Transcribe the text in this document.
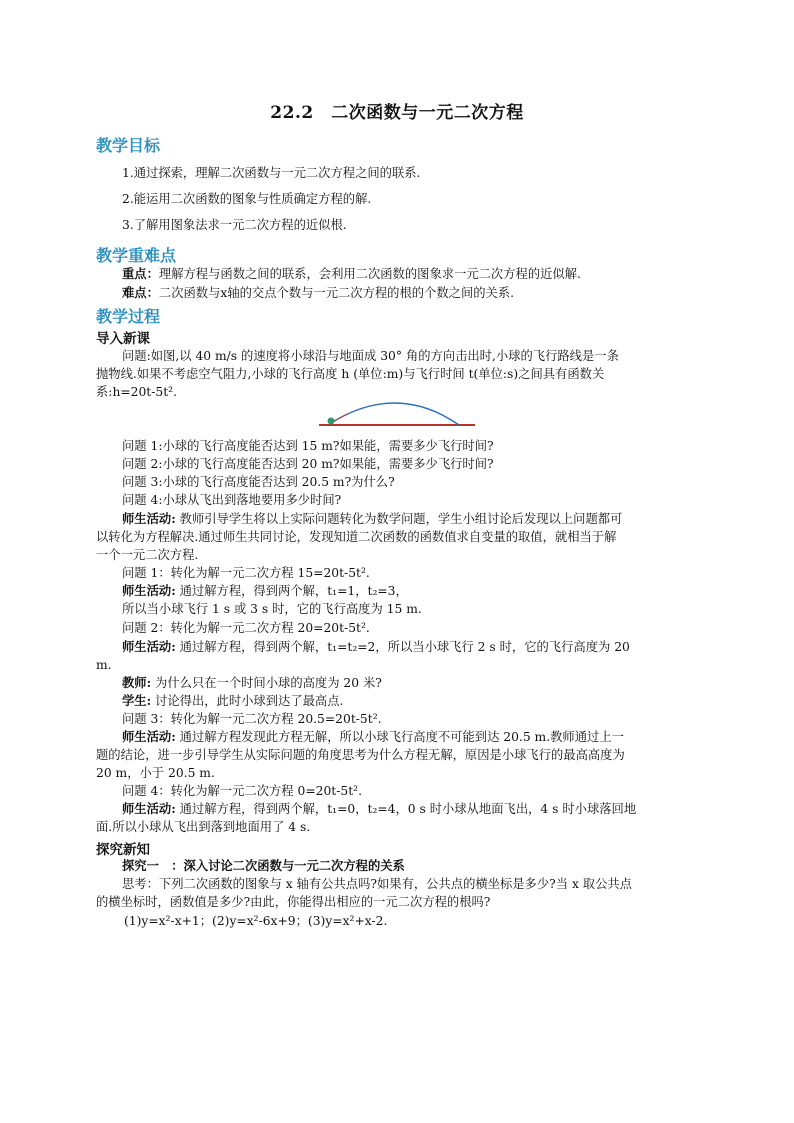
22.2　二次函数与一元二次方程
教学目标
1.通过探索，理解二次函数与一元二次方程之间的联系.
2.能运用二次函数的图象与性质确定方程的解.
3.了解用图象法求一元二次方程的近似根.
教学重难点
重点：理解方程与函数之间的联系，会利用二次函数的图象求一元二次方程的近似解.
难点：二次函数与x轴的交点个数与一元二次方程的根的个数之间的关系.
教学过程
导入新课
问题:如图,以 40 m/s 的速度将小球沿与地面成 30° 角的方向击出时,小球的飞行路线是一条
抛物线.如果不考虑空气阻力,小球的飞行高度 h (单位:m)与飞行时间 t(单位:s)之间具有函数关
系:h=20t-5t².
问题 1:小球的飞行高度能否达到 15 m?如果能，需要多少飞行时间?
问题 2:小球的飞行高度能否达到 20 m?如果能，需要多少飞行时间?
问题 3:小球的飞行高度能否达到 20.5 m?为什么?
问题 4:小球从飞出到落地要用多少时间?
师生活动: 教师引导学生将以上实际问题转化为数学问题，学生小组讨论后发现以上问题都可
以转化为方程解决.通过师生共同讨论，发现知道二次函数的函数值求自变量的取值，就相当于解
一个一元二次方程.
问题 1：转化为解一元二次方程 15=20t-5t².
师生活动: 通过解方程，得到两个解，t₁=1，t₂=3，
所以当小球飞行 1 s 或 3 s 时，它的飞行高度为 15 m.
问题 2：转化为解一元二次方程 20=20t-5t².
师生活动: 通过解方程，得到两个解，t₁=t₂=2，所以当小球飞行 2 s 时，它的飞行高度为 20
m.
教师: 为什么只在一个时间小球的高度为 20 米?
学生: 讨论得出，此时小球到达了最高点.
问题 3：转化为解一元二次方程 20.5=20t-5t².
师生活动: 通过解方程发现此方程无解，所以小球飞行高度不可能到达 20.5 m.教师通过上一
题的结论，进一步引导学生从实际问题的角度思考为什么方程无解，原因是小球飞行的最高高度为
20 m，小于 20.5 m.
问题 4：转化为解一元二次方程 0=20t-5t².
师生活动: 通过解方程，得到两个解，t₁=0，t₂=4，0 s 时小球从地面飞出，4 s 时小球落回地
面.所以小球从飞出到落到地面用了 4 s.
探究新知
探究一　：深入讨论二次函数与一元二次方程的关系
思考：下列二次函数的图象与 x 轴有公共点吗?如果有，公共点的横坐标是多少?当 x 取公共点
的横坐标时，函数值是多少?由此，你能得出相应的一元二次方程的根吗?
(1)y=x²-x+1；(2)y=x²-6x+9；(3)y=x²+x-2.
